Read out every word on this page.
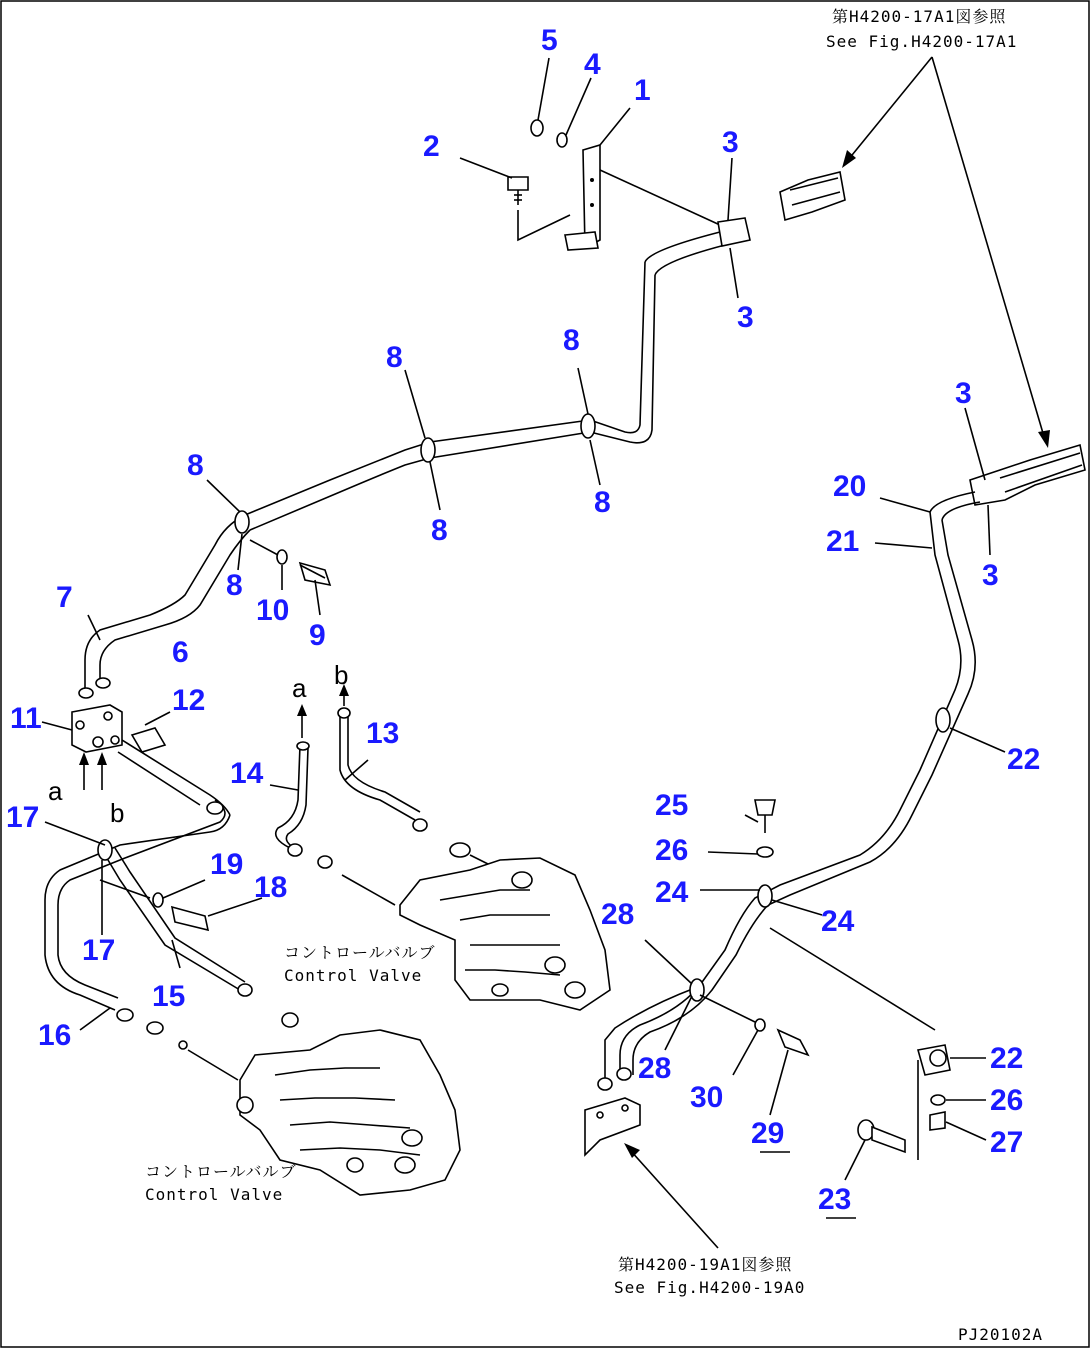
第H4200-17A1図参照
See Fig.H4200-17A1
第H4200-19A1図参照
See Fig.H4200-19A0
コントロールバルブ
Control Valve
コントロールバルブ
Control Valve
PJ20102A
a b
a
b
5
4
1
2	3
3
3
3
8
8
8
8
8
8
20
21
7
6
10
9
11
12
13
14
17
17
19
18
15
16
22
22
25
26
26
24
24
28
28
30
29	27
23
